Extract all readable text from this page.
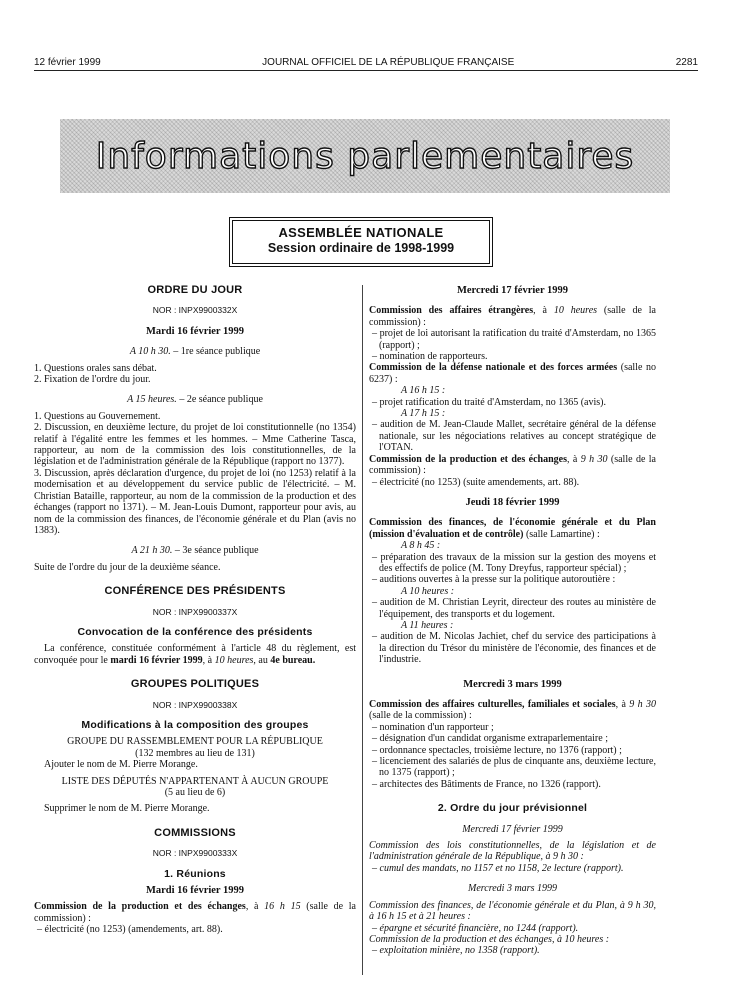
12 février 1999	JOURNAL OFFICIEL DE LA RÉPUBLIQUE FRANÇAISE	2281
Informations parlementaires
ASSEMBLÉE NATIONALE
Session ordinaire de 1998-1999
ORDRE DU JOUR
NOR : INPX9900332X
Mardi 16 février 1999
A 10 h 30. – 1re séance publique
1. Questions orales sans débat.
2. Fixation de l'ordre du jour.
A 15 heures. – 2e séance publique
1. Questions au Gouvernement.
2. Discussion, en deuxième lecture, du projet de loi constitutionnelle (no 1354) relatif à l'égalité entre les femmes et les hommes. – Mme Catherine Tasca, rapporteur, au nom de la commission des lois constitutionnelles, de la législation et de l'administration générale de la République (rapport no 1377).
3. Discussion, après déclaration d'urgence, du projet de loi (no 1253) relatif à la modernisation et au développement du service public de l'électricité. – M. Christian Bataille, rapporteur, au nom de la commission de la production et des échanges (rapport no 1371). – M. Jean-Louis Dumont, rapporteur pour avis, au nom de la commission des finances, de l'économie générale et du Plan (avis no 1383).
A 21 h 30. – 3e séance publique
Suite de l'ordre du jour de la deuxième séance.
CONFÉRENCE DES PRÉSIDENTS
NOR : INPX9900337X
Convocation de la conférence des présidents
La conférence, constituée conformément à l'article 48 du règlement, est convoquée pour le mardi 16 février 1999, à 10 heures, au 4e bureau.
GROUPES POLITIQUES
NOR : INPX9900338X
Modifications à la composition des groupes
GROUPE DU RASSEMBLEMENT POUR LA RÉPUBLIQUE
(132 membres au lieu de 131)
Ajouter le nom de M. Pierre Morange.
LISTE DES DÉPUTÉS N'APPARTENANT À AUCUN GROUPE
(5 au lieu de 6)
Supprimer le nom de M. Pierre Morange.
COMMISSIONS
NOR : INPX9900333X
1. Réunions
Mardi 16 février 1999
Commission de la production et des échanges, à 16 h 15 (salle de la commission) :
– électricité (no 1253) (amendements, art. 88).
Mercredi 17 février 1999
Commission des affaires étrangères, à 10 heures (salle de la commission) :
– projet de loi autorisant la ratification du traité d'Amsterdam, no 1365 (rapport) ;
– nomination de rapporteurs.
Commission de la défense nationale et des forces armées (salle no 6237) :
A 16 h 15 :
– projet ratification du traité d'Amsterdam, no 1365 (avis).
A 17 h 15 :
– audition de M. Jean-Claude Mallet, secrétaire général de la défense nationale, sur les négociations relatives au concept stratégique de l'OTAN.
Commission de la production et des échanges, à 9 h 30 (salle de la commission) :
– électricité (no 1253) (suite amendements, art. 88).
Jeudi 18 février 1999
Commission des finances, de l'économie générale et du Plan (mission d'évaluation et de contrôle) (salle Lamartine) :
A 8 h 45 :
– préparation des travaux de la mission sur la gestion des moyens et des effectifs de police (M. Tony Dreyfus, rapporteur spécial) ;
– auditions ouvertes à la presse sur la politique autoroutière :
A 10 heures :
– audition de M. Christian Leyrit, directeur des routes au ministère de l'équipement, des transports et du logement.
A 11 heures :
– audition de M. Nicolas Jachiet, chef du service des participations à la direction du Trésor du ministère de l'économie, des finances et de l'industrie.
Mercredi 3 mars 1999
Commission des affaires culturelles, familiales et sociales, à 9 h 30 (salle de la commission) :
– nomination d'un rapporteur ;
– désignation d'un candidat organisme extraparlementaire ;
– ordonnance spectacles, troisième lecture, no 1376 (rapport) ;
– licenciement des salariés de plus de cinquante ans, deuxième lecture, no 1375 (rapport) ;
– architectes des Bâtiments de France, no 1326 (rapport).
2. Ordre du jour prévisionnel
Mercredi 17 février 1999
Commission des lois constitutionnelles, de la législation et de l'administration générale de la République, à 9 h 30 :
– cumul des mandats, no 1157 et no 1158, 2e lecture (rapport).
Mercredi 3 mars 1999
Commission des finances, de l'économie générale et du Plan, à 9 h 30, à 16 h 15 et à 21 heures :
– épargne et sécurité financière, no 1244 (rapport).
Commission de la production et des échanges, à 10 heures :
– exploitation minière, no 1358 (rapport).
